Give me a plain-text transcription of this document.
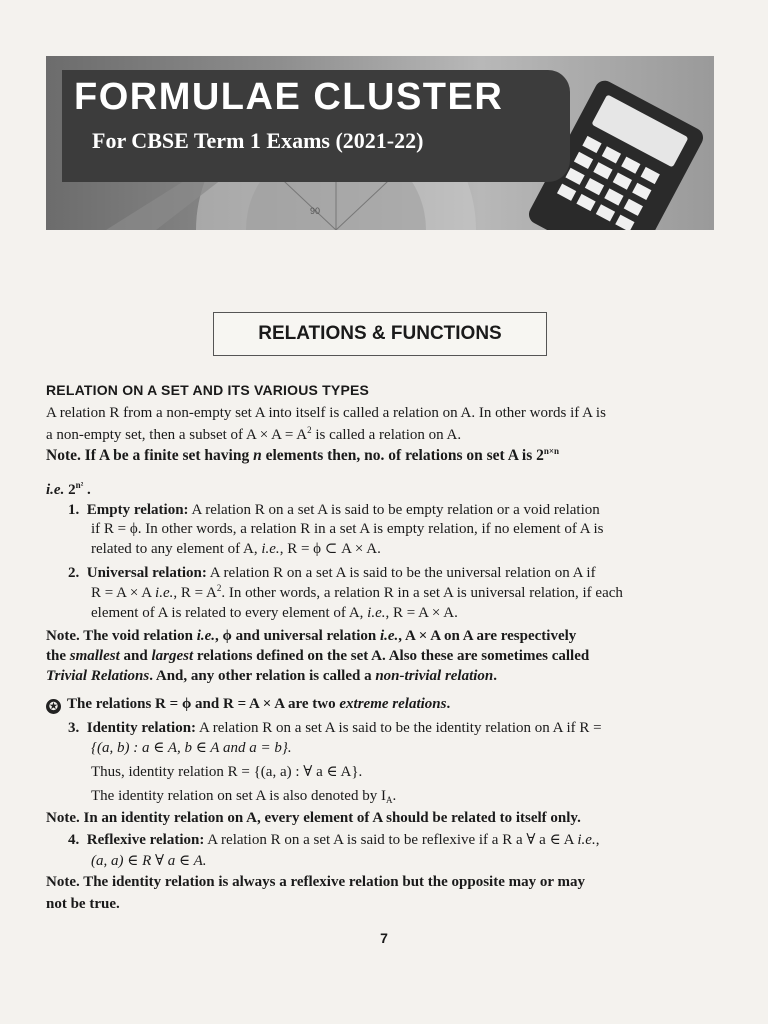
FORMULAE CLUSTER
For CBSE Term 1 Exams (2021-22)
90
RELATIONS & FUNCTIONS
RELATION ON A SET AND ITS VARIOUS TYPES
A relation R from a non-empty set A into itself is called a relation on A. In other words if A is
a non-empty set, then a subset of $A \times A = A^2$ is called a relation on A.
Note. If A be a finite set having n elements then, no. of relations on set A is $2^{n\times n}$
i.e. $2^{n^2}$ .
1. Empty relation: A relation R on a set A is said to be empty relation or a void relation
if R = ϕ. In other words, a relation R in a set A is empty relation, if no element of A is
related to any element of A, i.e., R = ϕ ⊂ A × A.
2. Universal relation: A relation R on a set A is said to be the universal relation on A if
R = A × A i.e., $R = A^2$. In other words, a relation R in a set A is universal relation, if each
element of A is related to every element of A, i.e., R = A × A.
Note. The void relation i.e., ϕ and universal relation i.e., A × A on A are respectively
the smallest and largest relations defined on the set A. Also these are sometimes called
Trivial Relations. And, any other relation is called a non-trivial relation.
✪ The relations R = ϕ and R = A × A are two extreme relations.
3. Identity relation: A relation R on a set A is said to be the identity relation on A if R =
{(a, b) : a ∈ A, b ∈ A and a = b}.
Thus, identity relation R = {(a, a) : ∀ a ∈ A}.
The identity relation on set A is also denoted by $I_A$.
Note. In an identity relation on A, every element of A should be related to itself only.
4. Reflexive relation: A relation R on a set A is said to be reflexive if a R a ∀ a ∈ A i.e.,
(a, a) ∈ R ∀ a ∈ A.
Note. The identity relation is always a reflexive relation but the opposite may or may
not be true.
7
